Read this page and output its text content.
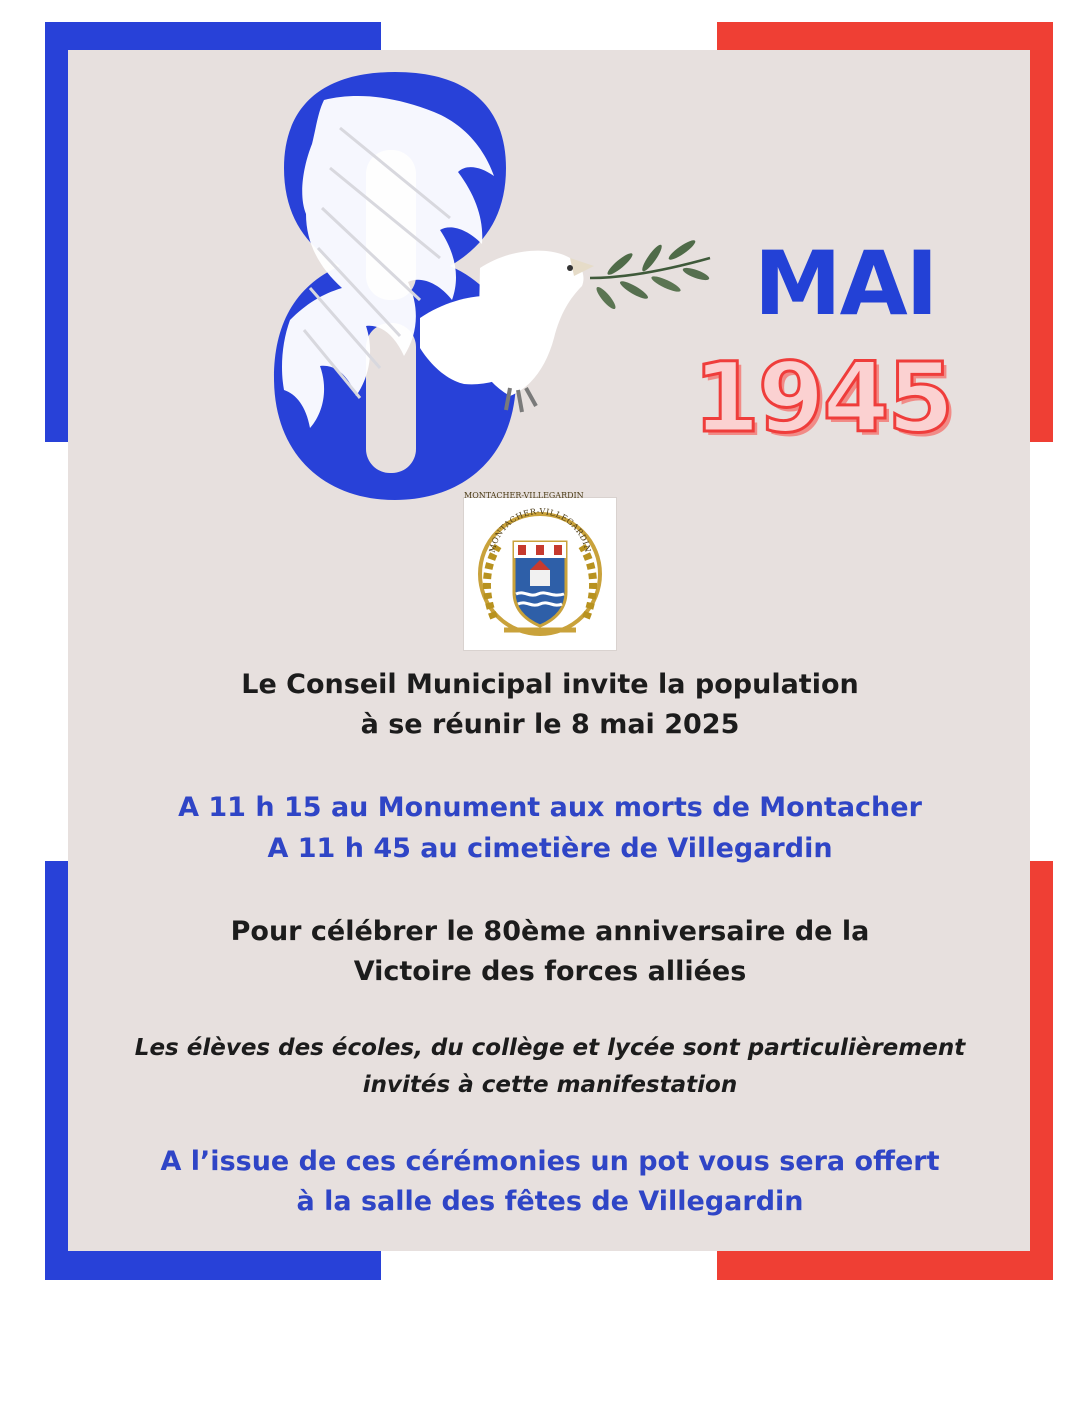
MAI
1945
MONTACHER-VILLEGARDIN
MONTACHER-VILLEGARDIN

Le Conseil Municipal invite la population
à se réunir le 8 mai 2025

A 11 h 15 au Monument aux morts de Montacher
A 11 h 45 au cimetière de Villegardin

Pour célébrer le 80ème anniversaire de la
Victoire des forces alliées

Les élèves des écoles, du collège et lycée sont particulièrement
invités à cette manifestation

A l’issue de ces cérémonies un pot vous sera offert
à la salle des fêtes de Villegardin
